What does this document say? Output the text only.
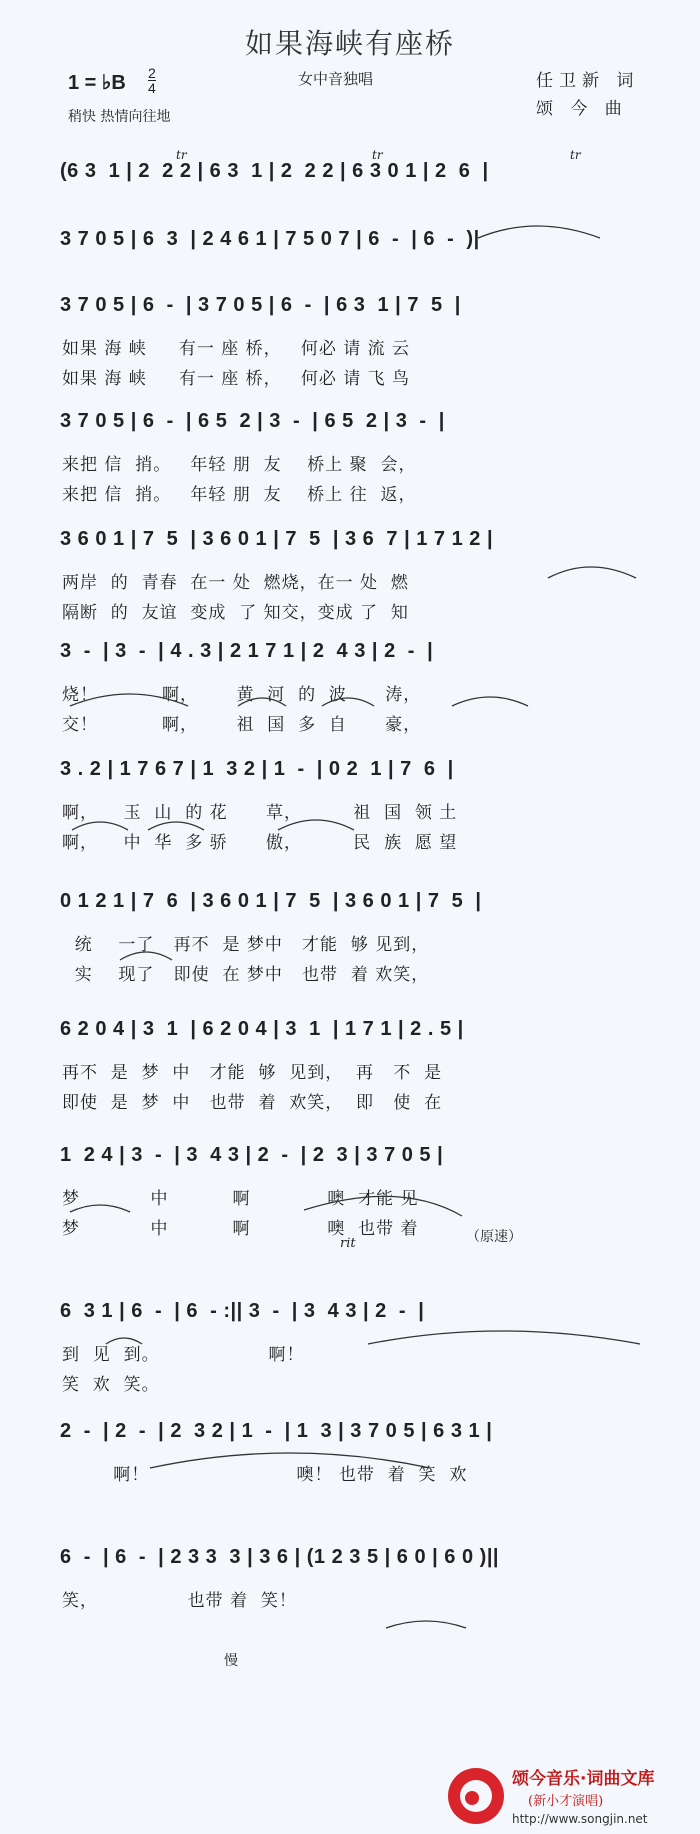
如果海峡有座桥
1 = ♭B 2
4
稍快 热情向往地
女中音独唱	任卫新 词
颂 今 曲
tr	tr	tr
rit	（原速）
慢
(6 3  1 | 2  2 2 | 6 3  1 | 2  2 2 | 6 3 0 1 | 2  6  |
3 7 0 5 | 6  3  | 2 4 6 1 | 7 5 0 7 | 6  -  | 6  -  )|
3 7 0 5 | 6  -  | 3 7 0 5 | 6  -  | 6 3  1 | 7  5  |
如果 海 峡     有一 座 桥，   何必 请 流 云
如果 海 峡     有一 座 桥，   何必 请 飞 鸟
3 7 0 5 | 6  -  | 6 5  2 | 3  -  | 6 5  2 | 3  -  |
来把 信  捎。   年轻 朋  友    桥上 聚  会，
来把 信  捎。   年轻 朋  友    桥上 往  返，
3 6 0 1 | 7  5  | 3 6 0 1 | 7  5  | 3 6  7 | 1 7 1 2 |
两岸  的  青春  在一 处  燃烧，在一 处  燃
隔断  的  友谊  变成  了 知交，变成 了  知
3  -  | 3  -  | 4 . 3 | 2 1 7 1 | 2  4 3 | 2  -  |
烧！          啊，      黄  河  的  波      涛，
交！          啊，      祖  国  多  自      豪，
3 . 2 | 1 7 6 7 | 1  3 2 | 1  -  | 0 2  1 | 7  6  |
啊，    玉  山  的 花      草，        祖  国  领 土
啊，    中  华  多 骄      傲，        民  族  愿 望
0 1 2 1 | 7  6  | 3 6 0 1 | 7  5  | 3 6 0 1 | 7  5  |
统    一了   再不  是 梦中   才能  够 见到，
实    现了   即使  在 梦中   也带  着 欢笑，
6 2 0 4 | 3  1  | 6 2 0 4 | 3  1  | 1 7 1 | 2 . 5 |
再不  是  梦  中   才能  够  见到，  再   不  是
即使  是  梦  中   也带  着  欢笑，  即   使  在
1  2 4 | 3  -  | 3  4 3 | 2  -  | 2  3 | 3 7 0 5 |
梦           中          啊            噢  才能 见
梦           中          啊            噢  也带 着
6  3 1 | 6  -  | 6  - :|| 3  -  | 3  4 3 | 2  -  |
到  见  到。                 啊！
笑  欢  笑。
2  -  | 2  -  | 2  3 2 | 1  -  | 1  3 | 3 7 0 5 | 6 3 1 |
啊！                       噢！ 也带  着  笑  欢
6  -  | 6  -  | 2 3 3  3 | 3 6 | (1 2 3 5 | 6 0 | 6 0 )||
笑，              也带 着  笑！
颂今音乐·词曲文库
(新小才演唱)
http://www.songjin.net
